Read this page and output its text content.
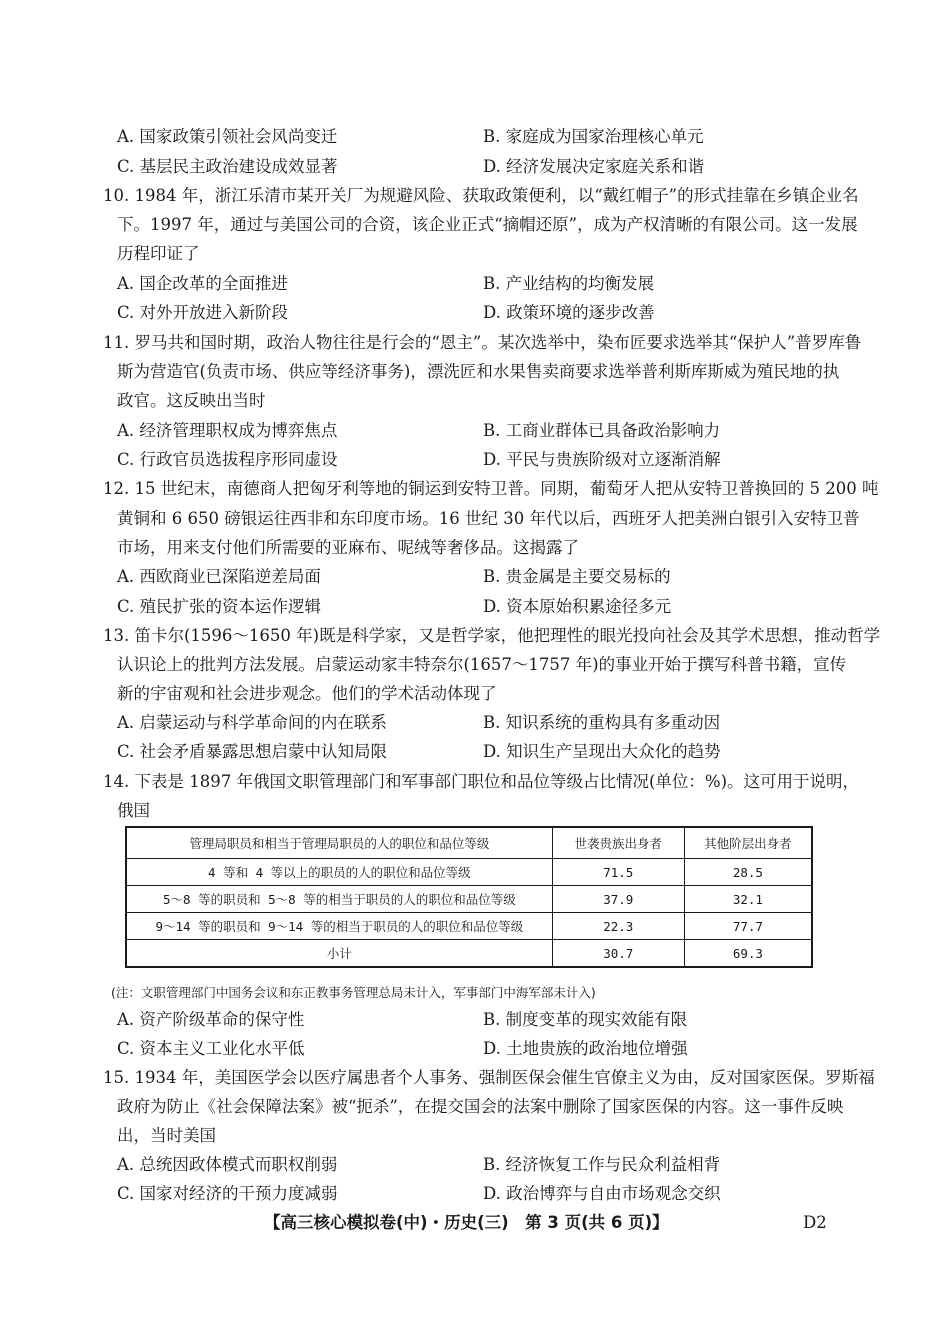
A. 国家政策引领社会风尚变迁	B. 家庭成为国家治理核心单元
C. 基层民主政治建设成效显著	D. 经济发展决定家庭关系和谐
10. 1984 年，浙江乐清市某开关厂为规避风险、获取政策便利，以“戴红帽子”的形式挂靠在乡镇企业名
下。1997 年，通过与美国公司的合资，该企业正式“摘帽还原”，成为产权清晰的有限公司。这一发展
历程印证了
A. 国企改革的全面推进	B. 产业结构的均衡发展
C. 对外开放进入新阶段	D. 政策环境的逐步改善
11. 罗马共和国时期，政治人物往往是行会的“恩主”。某次选举中，染布匠要求选举其“保护人”普罗库鲁
斯为营造官(负责市场、供应等经济事务)，漂洗匠和水果售卖商要求选举普利斯库斯威为殖民地的执
政官。这反映出当时
A. 经济管理职权成为博弈焦点	B. 工商业群体已具备政治影响力
C. 行政官员选拔程序形同虚设	D. 平民与贵族阶级对立逐渐消解
12. 15 世纪末，南德商人把匈牙利等地的铜运到安特卫普。同期，葡萄牙人把从安特卫普换回的 5 200 吨
黄铜和 6 650 磅银运往西非和东印度市场。16 世纪 30 年代以后，西班牙人把美洲白银引入安特卫普
市场，用来支付他们所需要的亚麻布、呢绒等奢侈品。这揭露了
A. 西欧商业已深陷逆差局面	B. 贵金属是主要交易标的
C. 殖民扩张的资本运作逻辑	D. 资本原始积累途径多元
13. 笛卡尔(1596～1650 年)既是科学家，又是哲学家，他把理性的眼光投向社会及其学术思想，推动哲学
认识论上的批判方法发展。启蒙运动家丰特奈尔(1657～1757 年)的事业开始于撰写科普书籍，宣传
新的宇宙观和社会进步观念。他们的学术活动体现了
A. 启蒙运动与科学革命间的内在联系	B. 知识系统的重构具有多重动因
C. 社会矛盾暴露思想启蒙中认知局限	D. 知识生产呈现出大众化的趋势
14. 下表是 1897 年俄国文职管理部门和军事部门职位和品位等级占比情况(单位：%)。这可用于说明，
俄国
管理局职员和相当于管理局职员的人的职位和品位等级	世袭贵族出身者	其他阶层出身者
4 等和 4 等以上的职员的人的职位和品位等级	71.5	28.5
5～8 等的职员和 5～8 等的相当于职员的人的职位和品位等级	37.9	32.1
9～14 等的职员和 9～14 等的相当于职员的人的职位和品位等级	22.3	77.7
小计	30.7	69.3
(注：文职管理部门中国务会议和东正教事务管理总局未计入，军事部门中海军部未计入)
A. 资产阶级革命的保守性	B. 制度变革的现实效能有限
C. 资本主义工业化水平低	D. 土地贵族的政治地位增强
15. 1934 年，美国医学会以医疗属患者个人事务、强制医保会催生官僚主义为由，反对国家医保。罗斯福
政府为防止《社会保障法案》被“扼杀”，在提交国会的法案中删除了国家医保的内容。这一事件反映
出，当时美国
A. 总统因政体模式而职权削弱	B. 经济恢复工作与民众利益相背
C. 国家对经济的干预力度减弱	D. 政治博弈与自由市场观念交织
【高三核心模拟卷(中)・历史(三)　第 3 页(共 6 页)】	D2
